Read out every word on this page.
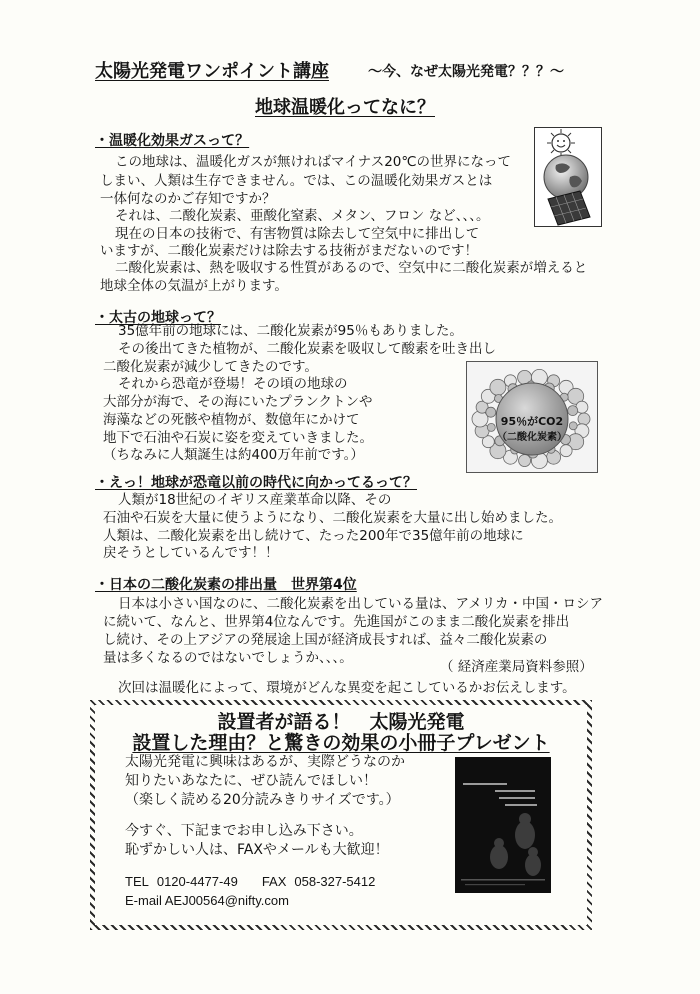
太陽光発電ワンポイント講座	〜今、なぜ太陽光発電？？？〜
地球温暖化ってなに？
・温暖化効果ガスって？
この地球は、温暖化ガスが無ければマイナス20℃の世界になって
しまい、人類は生存できません。では、この温暖化効果ガスとは
一体何なのかご存知ですか？
それは、二酸化炭素、亜酸化窒素、メタン、フロン など、、、。
現在の日本の技術で、有害物質は除去して空気中に排出して
いますが、二酸化炭素だけは除去する技術がまだないのです！
二酸化炭素は、熱を吸収する性質があるので、空気中に二酸化炭素が増えると
地球全体の気温が上がります。
・太古の地球って？
35億年前の地球には、二酸化炭素が95％もありました。
その後出てきた植物が、二酸化炭素を吸収して酸素を吐き出し
二酸化炭素が減少してきたのです。
それから恐竜が登場！その頃の地球の
大部分が海で、その海にいたプランクトンや
海藻などの死骸や植物が、数億年にかけて
地下で石油や石炭に姿を変えていきました。
（ちなみに人類誕生は約400万年前です。）
95％がCO2
（二酸化炭素）
・えっ！地球が恐竜以前の時代に向かってるって？
人類が18世紀のイギリス産業革命以降、その
石油や石炭を大量に使うようになり、二酸化炭素を大量に出し始めました。
人類は、二酸化炭素を出し続けて、たった200年で35億年前の地球に
戻そうとしているんです！！
・日本の二酸化炭素の排出量　世界第4位
日本は小さい国なのに、二酸化炭素を出している量は、アメリカ・中国・ロシア
に続いて、なんと、世界第4位なんです。先進国がこのまま二酸化炭素を排出
し続け、その上アジアの発展途上国が経済成長すれば、益々二酸化炭素の
量は多くなるのではないでしょうか、、、。
（ 経済産業局資料参照）
次回は温暖化によって、環境がどんな異変を起こしているかお伝えします。
設置者が語る！　太陽光発電
設置した理由？と驚きの効果の小冊子プレゼント
太陽光発電に興味はあるが、実際どうなのか
知りたいあなたに、ぜひ読んでほしい！
（楽しく読める20分読みきりサイズです。）
今すぐ、下記までお申し込み下さい。
恥ずかしい人は、FAXやメールも大歓迎！
TEL 0120-4477-49 FAX 058-327-5412
E-mail AEJ00564@nifty.com
